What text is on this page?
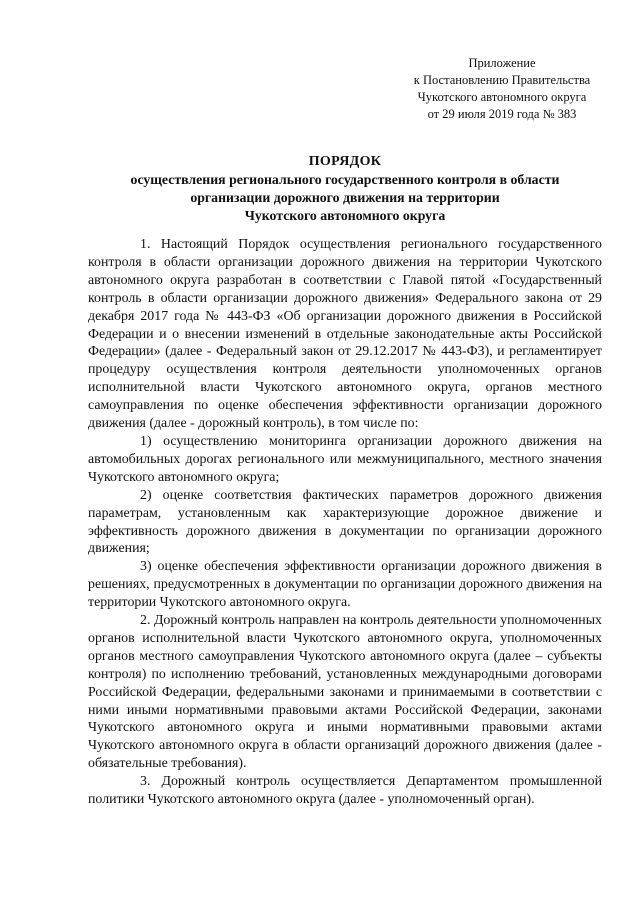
Приложение
к Постановлению Правительства
Чукотского автономного округа
от 29 июля 2019 года № 383
ПОРЯДОК
осуществления регионального государственного контроля в области
организации дорожного движения на территории
Чукотского автономного округа

1. Настоящий Порядок осуществления регионального государственного контроля в области организации дорожного движения на территории Чукотского автономного округа разработан в соответствии с Главой пятой «Государственный контроль в области организации дорожного движения» Федерального закона от 29 декабря 2017 года № 443-ФЗ «Об организации дорожного движения в Российской Федерации и о внесении изменений в отдельные законодательные акты Российской Федерации» (далее - Федеральный закон от 29.12.2017 № 443-ФЗ), и регламентирует процедуру осуществления контроля деятельности уполномоченных органов исполнительной власти Чукотского автономного округа, органов местного самоуправления по оценке обеспечения эффективности организации дорожного движения (далее - дорожный контроль), в том числе по:

1) осуществлению мониторинга организации дорожного движения на автомобильных дорогах регионального или межмуниципального, местного значения Чукотского автономного округа;

2) оценке соответствия фактических параметров дорожного движения параметрам, установленным как характеризующие дорожное движение и эффективность дорожного движения в документации по организации дорожного движения;

3) оценке обеспечения эффективности организации дорожного движения в решениях, предусмотренных в документации по организации дорожного движения на территории Чукотского автономного округа.

2. Дорожный контроль направлен на контроль деятельности уполномоченных органов исполнительной власти Чукотского автономного округа, уполномоченных органов местного самоуправления Чукотского автономного округа (далее – субъекты контроля) по исполнению требований, установленных международными договорами Российской Федерации, федеральными законами и принимаемыми в соответствии с ними иными нормативными правовыми актами Российской Федерации, законами Чукотского автономного округа и иными нормативными правовыми актами Чукотского автономного округа в области организаций дорожного движения (далее - обязательные требования).

3. Дорожный контроль осуществляется Департаментом промышленной политики Чукотского автономного округа (далее - уполномоченный орган).
